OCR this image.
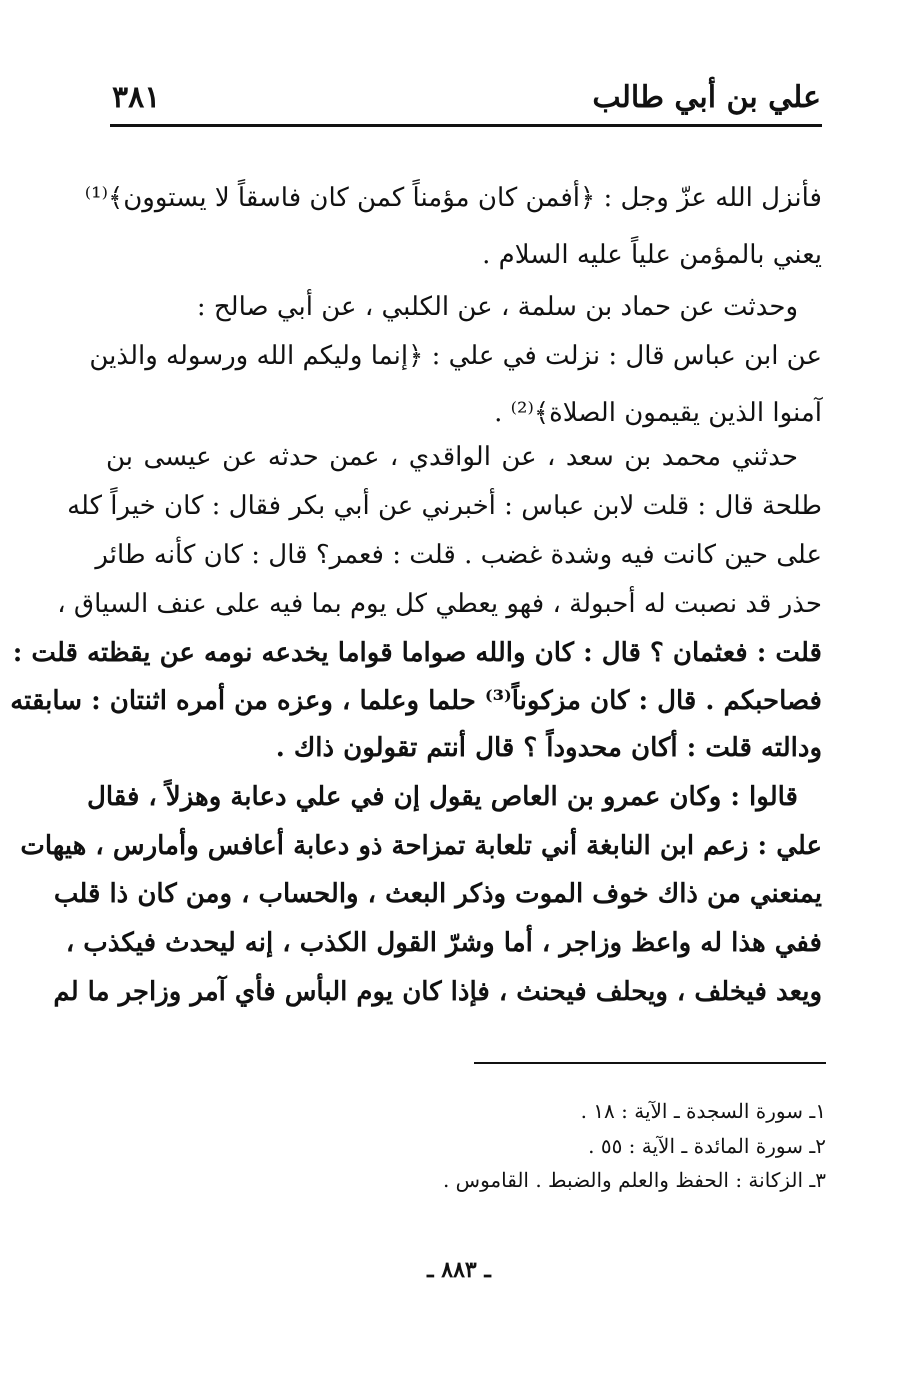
علي بن أبي طالب
٣٨١
فأنزل الله عزّ وجل : ﴿أفمن كان مؤمناً كمن كان فاسقاً لا يستوون﴾⁽¹⁾
يعني بالمؤمن علياً عليه السلام .
وحدثت عن حماد بن سلمة ، عن الكلبي ، عن أبي صالح :
عن ابن عباس قال : نزلت في علي : ﴿إنما وليكم الله ورسوله والذين
آمنوا الذين يقيمون الصلاة﴾⁽²⁾ .
حدثني محمد بن سعد ، عن الواقدي ، عمن حدثه عن عيسى بن
طلحة قال : قلت لابن عباس : أخبرني عن أبي بكر فقال : كان خيراً كله
على حين كانت فيه وشدة غضب . قلت : فعمر؟ قال : كان كأنه طائر
حذر قد نصبت له أحبولة ، فهو يعطي كل يوم بما فيه على عنف السياق ،
قلت : فعثمان ؟ قال : كان والله صواما قواما يخدعه نومه عن يقظته قلت :
فصاحبكم . قال : كان مزكوناً⁽³⁾ حلما وعلما ، وعزه من أمره اثنتان : سابقته
ودالته قلت : أكان محدوداً ؟ قال أنتم تقولون ذاك .
قالوا : وكان عمرو بن العاص يقول إن في علي دعابة وهزلاً ، فقال
علي : زعم ابن النابغة أني تلعابة تمزاحة ذو دعابة أعافس وأمارس ، هيهات
يمنعني من ذاك خوف الموت وذكر البعث ، والحساب ، ومن كان ذا قلب
ففي هذا له واعظ وزاجر ، أما وشرّ القول الكذب ، إنه ليحدث فيكذب ،
ويعد فيخلف ، ويحلف فيحنث ، فإذا كان يوم البأس فأي آمر وزاجر ما لم
١ـ سورة السجدة ـ الآية : ١٨ .
٢ـ سورة المائدة ـ الآية : ٥٥ .
٣ـ الزكانة : الحفظ والعلم والضبط . القاموس .
ـ ٨٨٣ ـ
